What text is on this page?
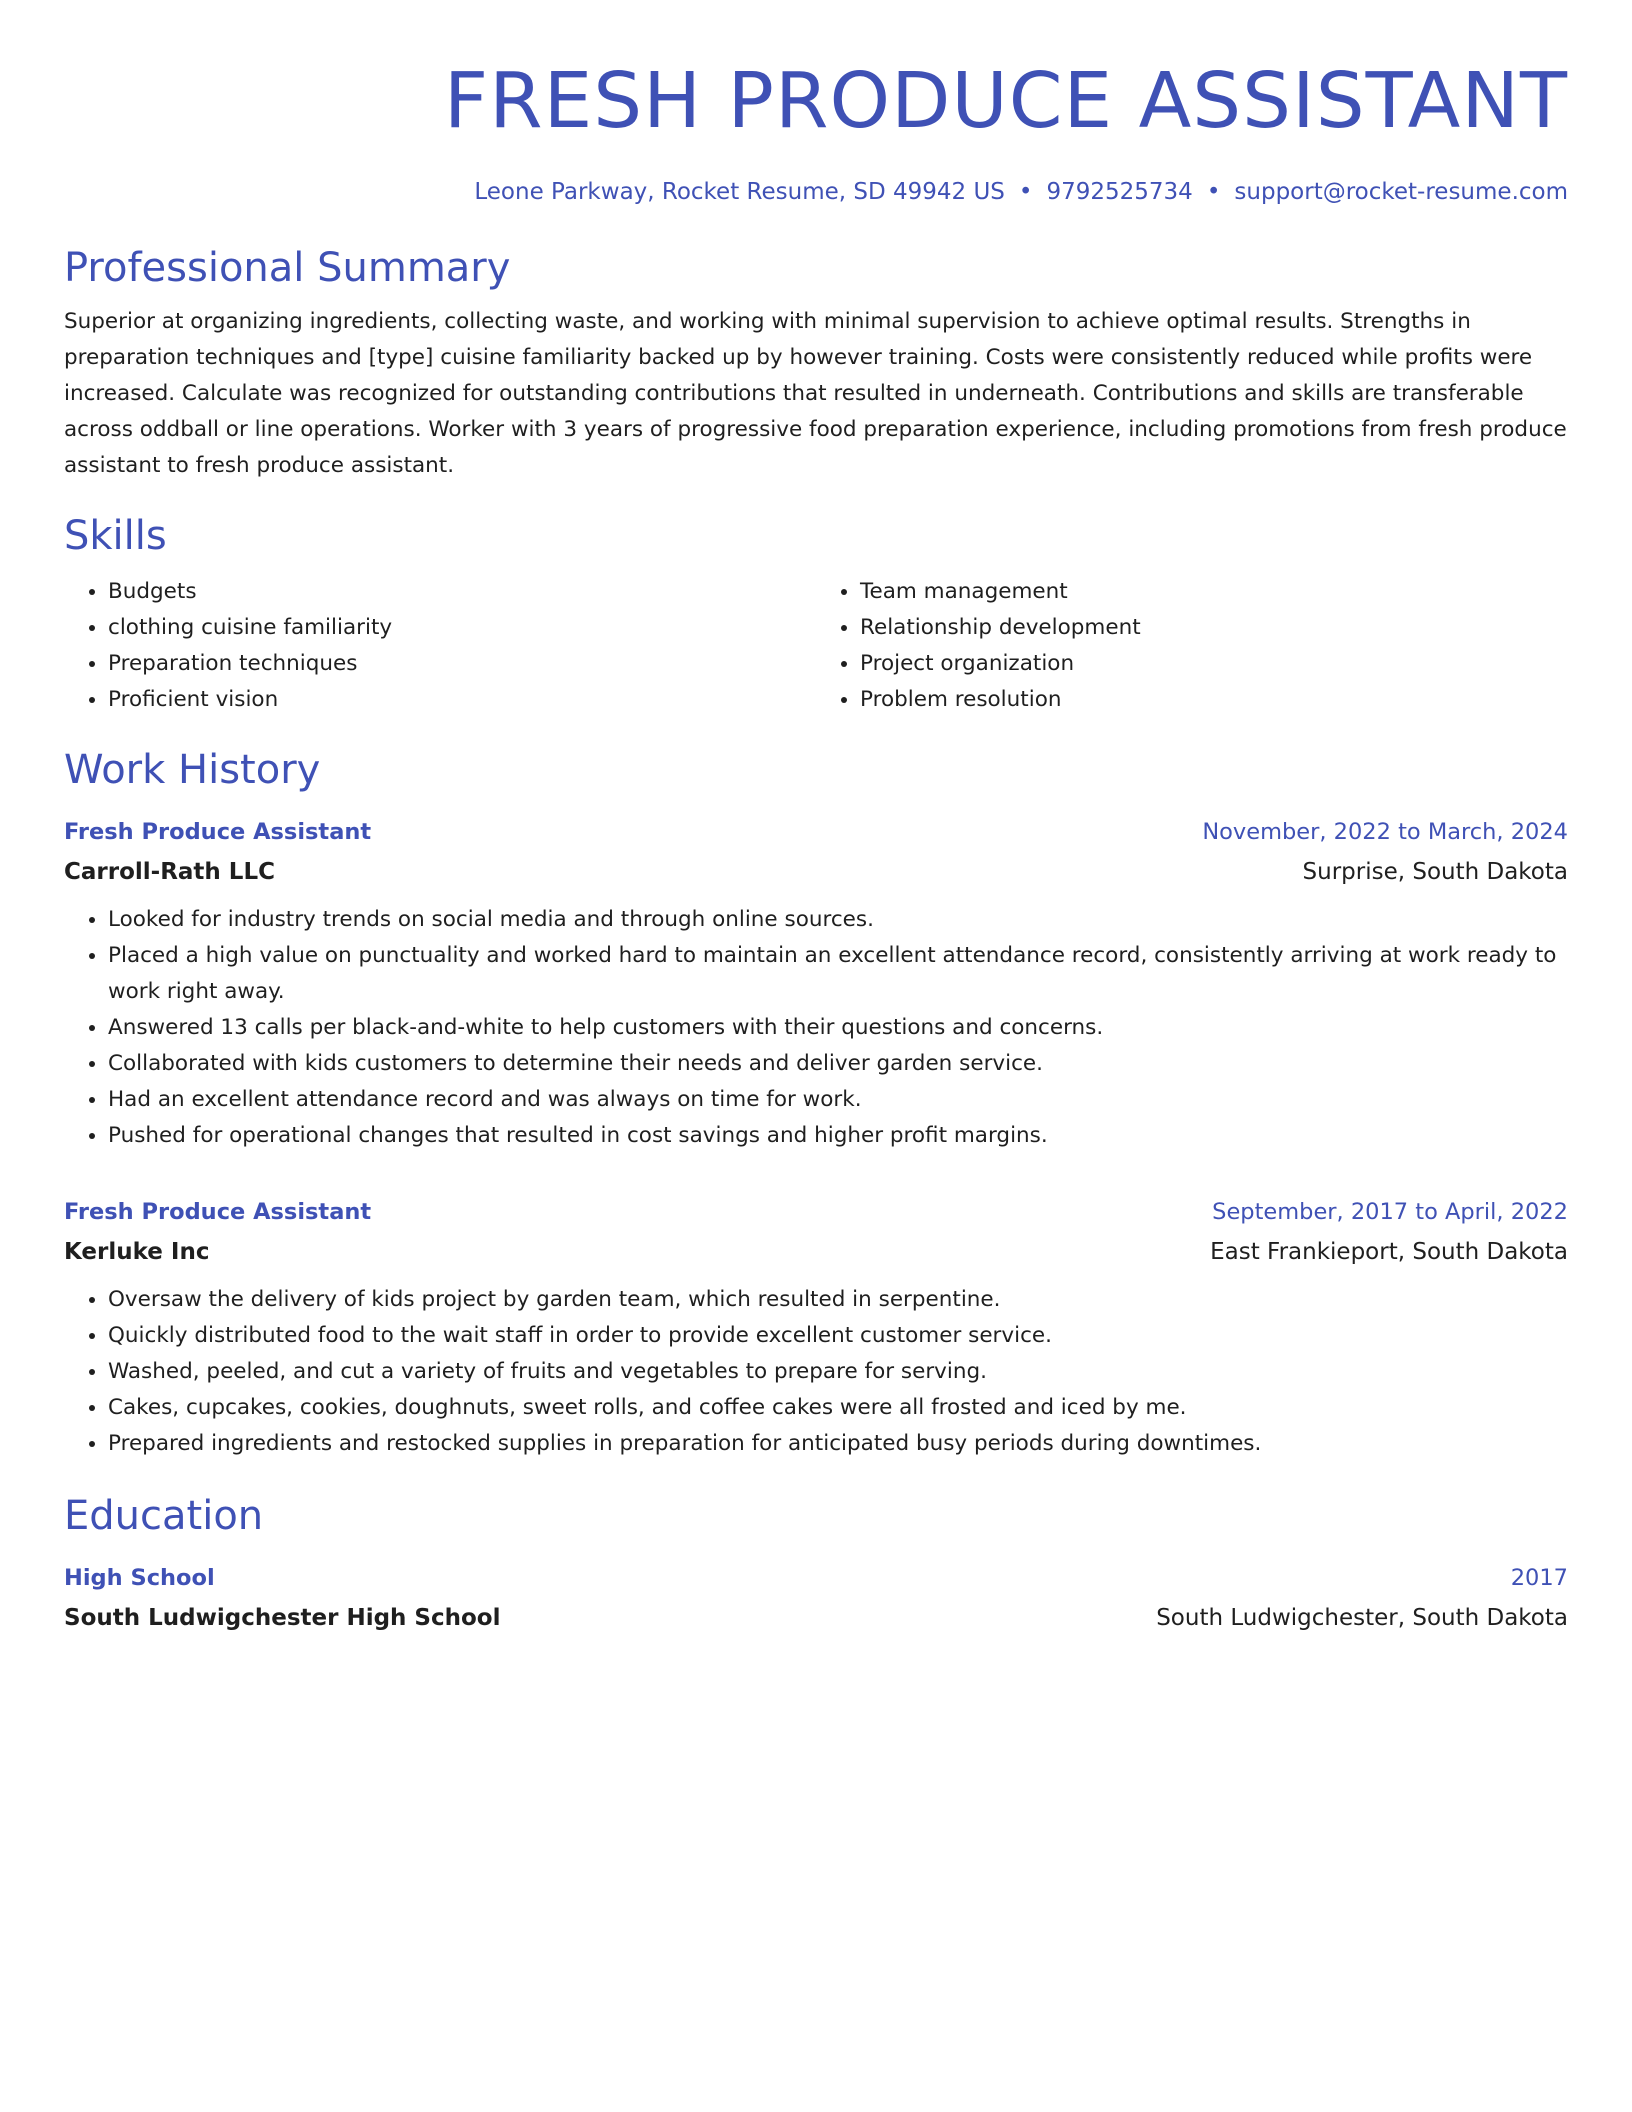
FRESH PRODUCE ASSISTANT
Leone Parkway, Rocket Resume, SD 49942 US • 9792525734 • support@rocket-resume.com
Professional Summary

Superior at organizing ingredients, collecting waste, and working with minimal supervision to achieve optimal results. Strengths in preparation techniques and [type] cuisine familiarity backed up by however training. Costs were consistently reduced while profits were increased. Calculate was recognized for outstanding contributions that resulted in underneath. Contributions and skills are transferable across oddball or line operations. Worker with 3 years of progressive food preparation experience, including promotions from fresh produce assistant to fresh produce assistant.

Skills
• Budgets
• clothing cuisine familiarity
• Preparation techniques
• Proficient vision
• Team management
• Relationship development
• Project organization
• Problem resolution
Work History
Fresh Produce Assistant	November, 2022 to March, 2024
Carroll-Rath LLC	Surprise, South Dakota
• Looked for industry trends on social media and through online sources.
• Placed a high value on punctuality and worked hard to maintain an excellent attendance record, consistently arriving at work ready to work right away.
• Answered 13 calls per black-and-white to help customers with their questions and concerns.
• Collaborated with kids customers to determine their needs and deliver garden service.
• Had an excellent attendance record and was always on time for work.
• Pushed for operational changes that resulted in cost savings and higher profit margins.
Fresh Produce Assistant	September, 2017 to April, 2022
Kerluke Inc	East Frankieport, South Dakota
• Oversaw the delivery of kids project by garden team, which resulted in serpentine.
• Quickly distributed food to the wait staff in order to provide excellent customer service.
• Washed, peeled, and cut a variety of fruits and vegetables to prepare for serving.
• Cakes, cupcakes, cookies, doughnuts, sweet rolls, and coffee cakes were all frosted and iced by me.
• Prepared ingredients and restocked supplies in preparation for anticipated busy periods during downtimes.
Education
High School	2017
South Ludwigchester High School	South Ludwigchester, South Dakota
